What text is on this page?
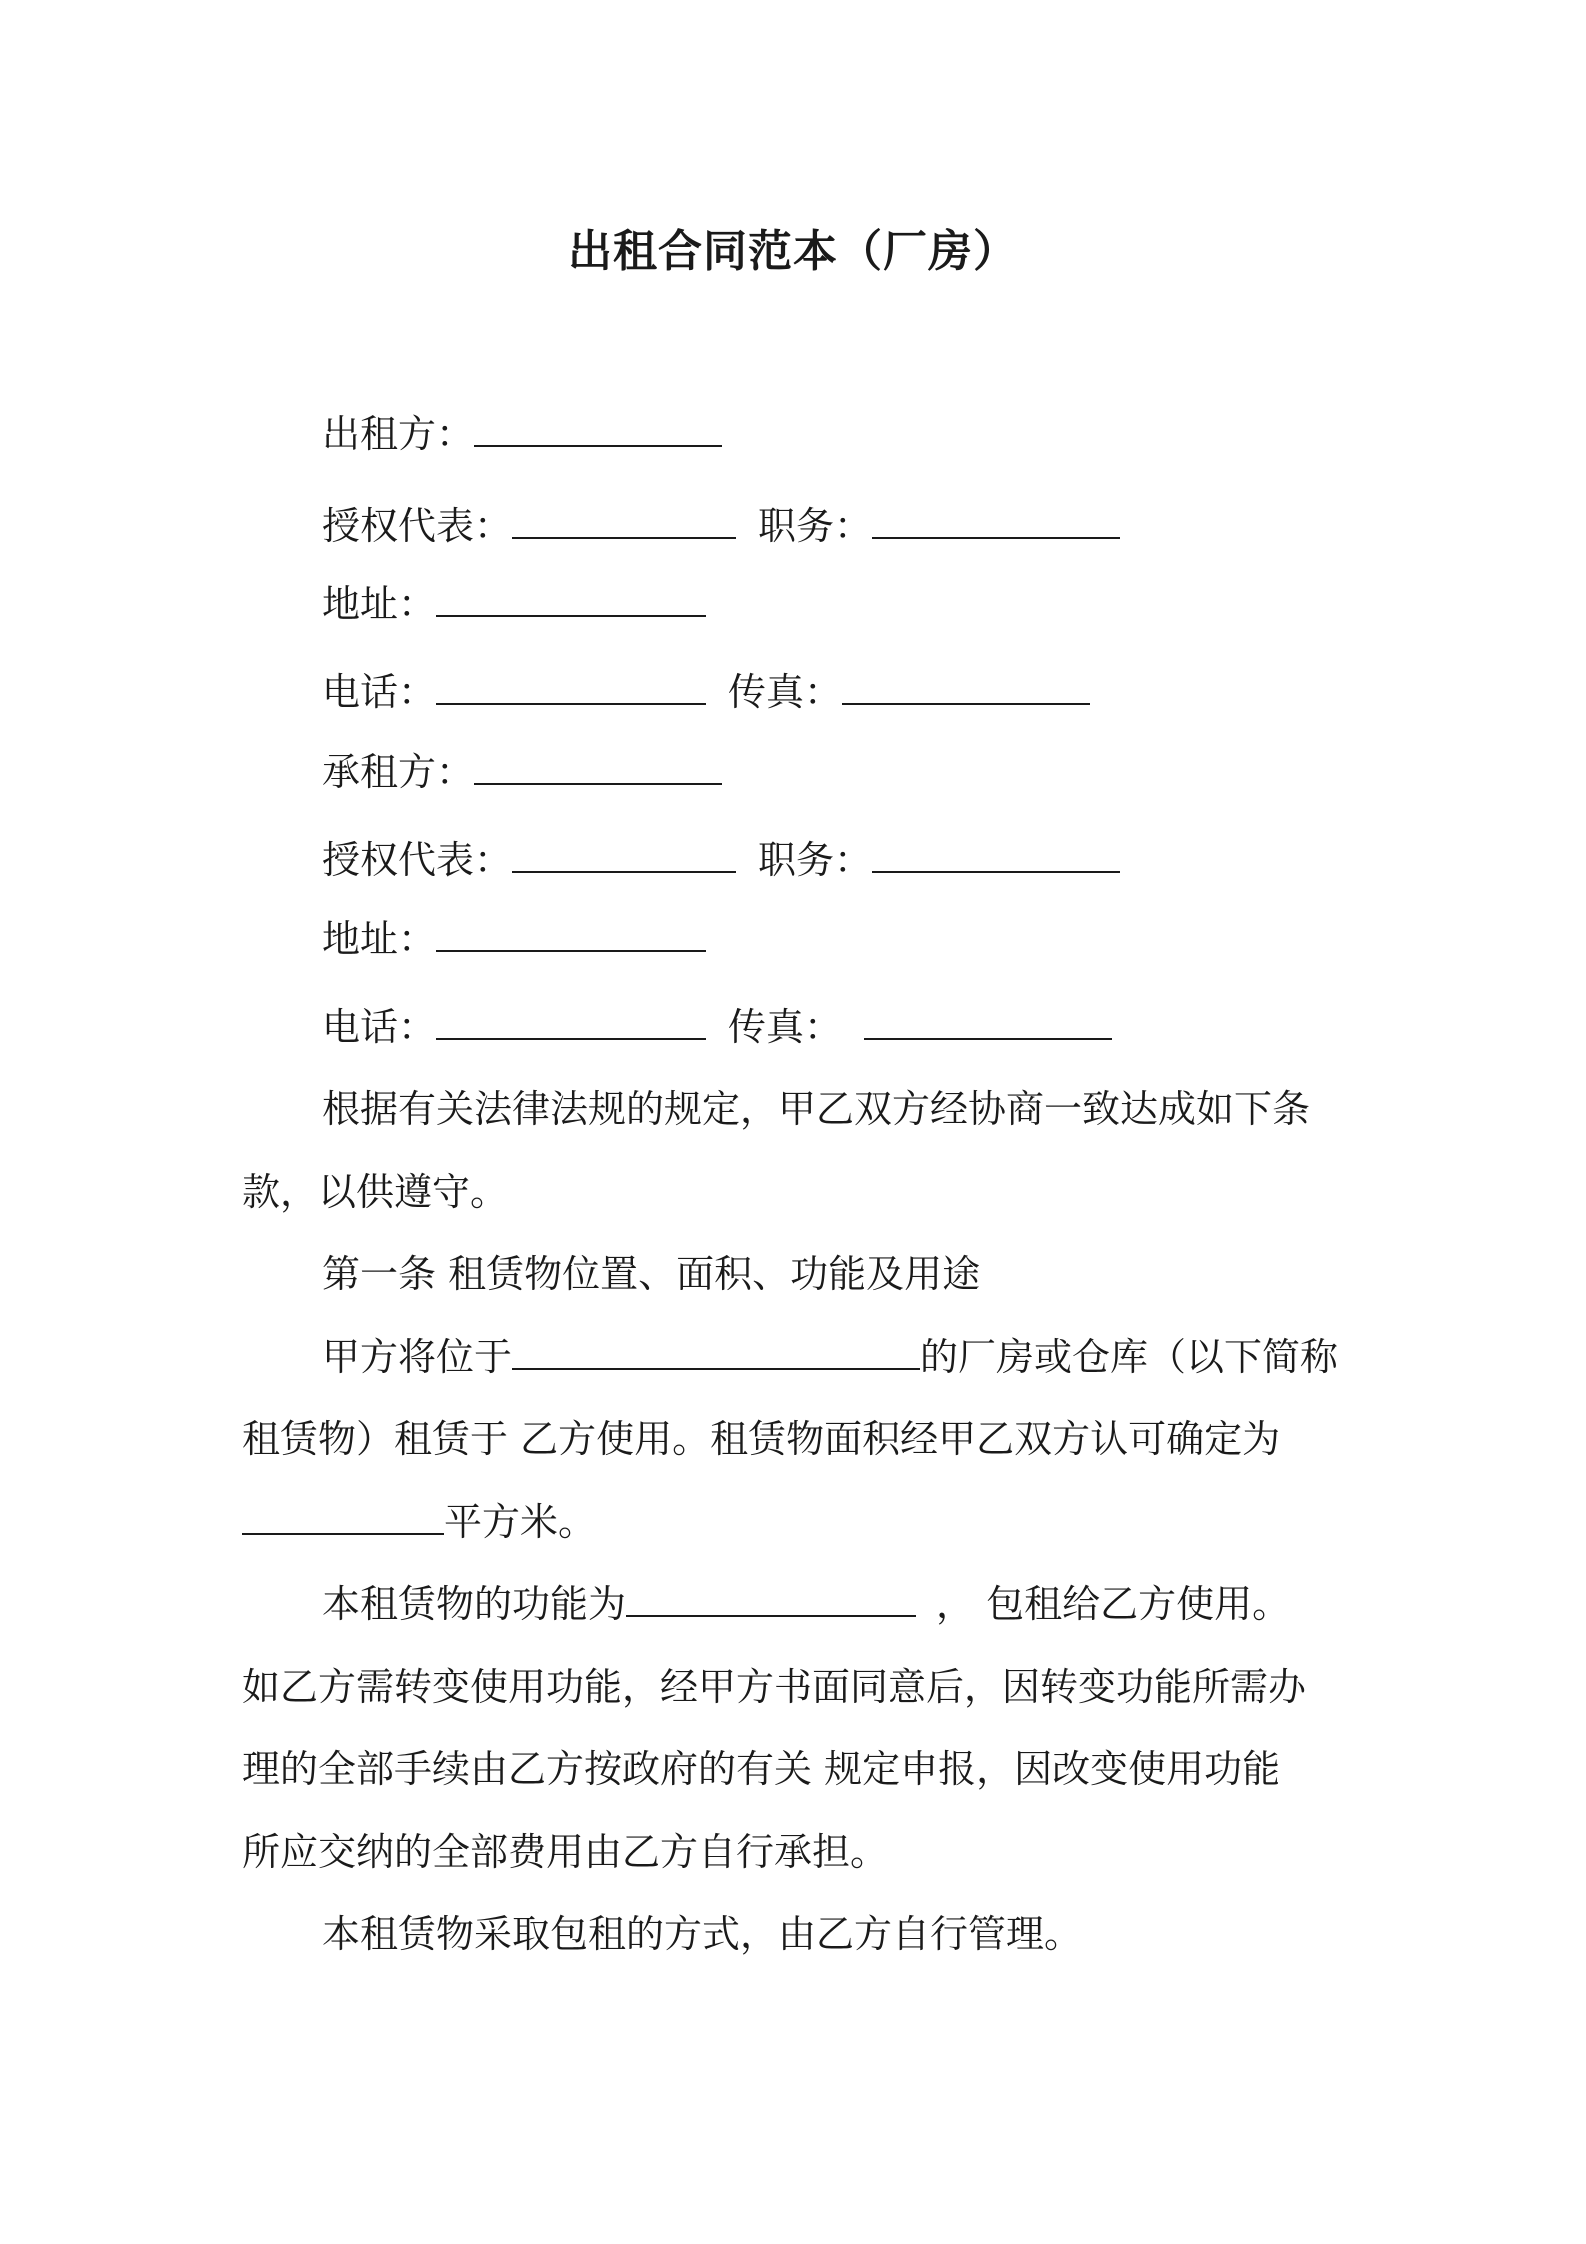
出租合同范本（厂房）
出租方：
授权代表：	职务：
地址：
电话：	传真：
承租方：
授权代表：	职务：
地址：
电话：	传真：
根据有关法律法规的规定，甲乙双方经协商一致达成如下条
款，以供遵守。
第一条 租赁物位置、面积、功能及用途
甲方将位于	的厂房或仓库（以下简称
租赁物）租赁于 乙方使用。租赁物面积经甲乙双方认可确定为
平方米。
本租赁物的功能为	， 包租给乙方使用。
如乙方需转变使用功能，经甲方书面同意后，因转变功能所需办
理的全部手续由乙方按政府的有关 规定申报，因改变使用功能
所应交纳的全部费用由乙方自行承担。
本租赁物采取包租的方式，由乙方自行管理。
